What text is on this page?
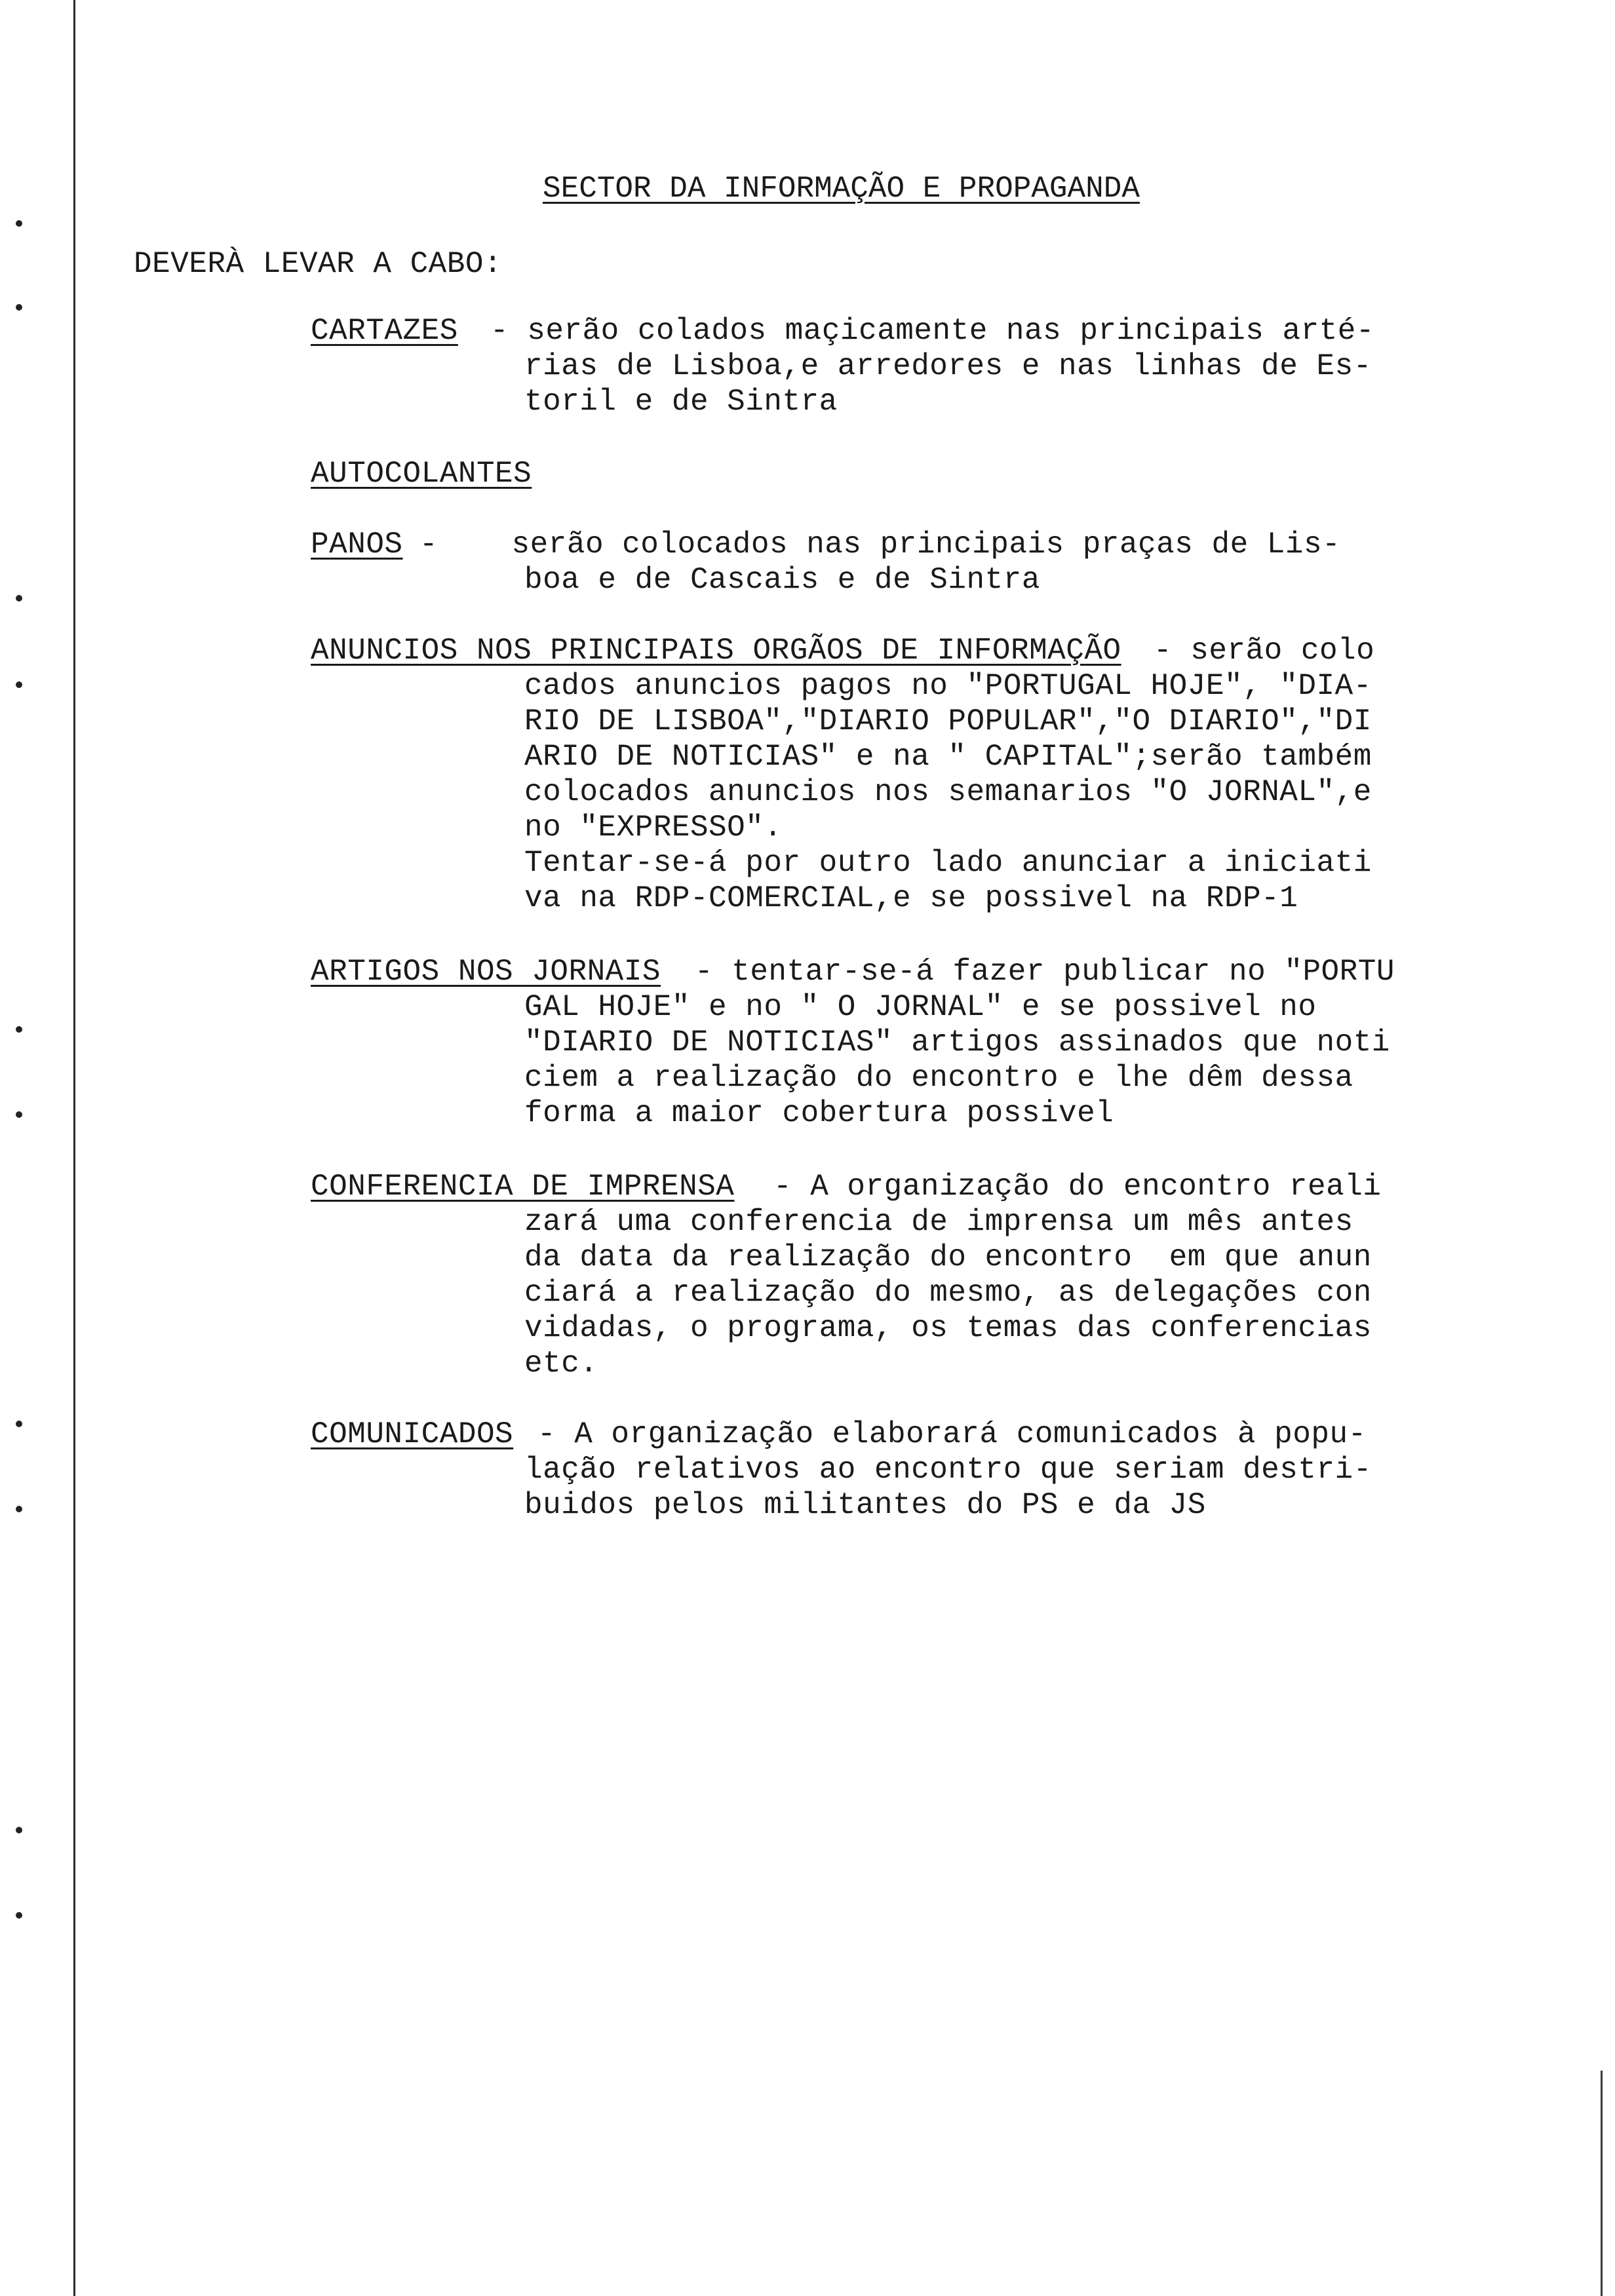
SECTOR DA INFORMAÇÃO E PROPAGANDA
DEVERÀ LEVAR A CABO:
CARTAZES - serão colados maçicamente nas principais arté-
rias de Lisboa,e arredores e nas linhas de Es-
toril e de Sintra
AUTOCOLANTES
PANOS -    serão colocados nas principais praças de Lis-
boa e de Cascais e de Sintra
ANUNCIOS NOS PRINCIPAIS ORGÃOS DE INFORMAÇÃO - serão colo
cados anuncios pagos no "PORTUGAL HOJE", "DIA-
RIO DE LISBOA","DIARIO POPULAR","O DIARIO","DI
ARIO DE NOTICIAS" e na " CAPITAL";serão também
colocados anuncios nos semanarios "O JORNAL",e
no "EXPRESSO".
Tentar-se-á por outro lado anunciar a iniciati
va na RDP-COMERCIAL,e se possivel na RDP-1
ARTIGOS NOS JORNAIS - tentar-se-á fazer publicar no "PORTU
GAL HOJE" e no " O JORNAL" e se possivel no
"DIARIO DE NOTICIAS" artigos assinados que noti
ciem a realização do encontro e lhe dêm dessa
forma a maior cobertura possivel
CONFERENCIA DE IMPRENSA - A organização do encontro reali
zará uma conferencia de imprensa um mês antes
da data da realização do encontro  em que anun
ciará a realização do mesmo, as delegações con
vidadas, o programa, os temas das conferencias
etc.
COMUNICADOS - A organização elaborará comunicados à popu-
lação relativos ao encontro que seriam destri-
buidos pelos militantes do PS e da JS
